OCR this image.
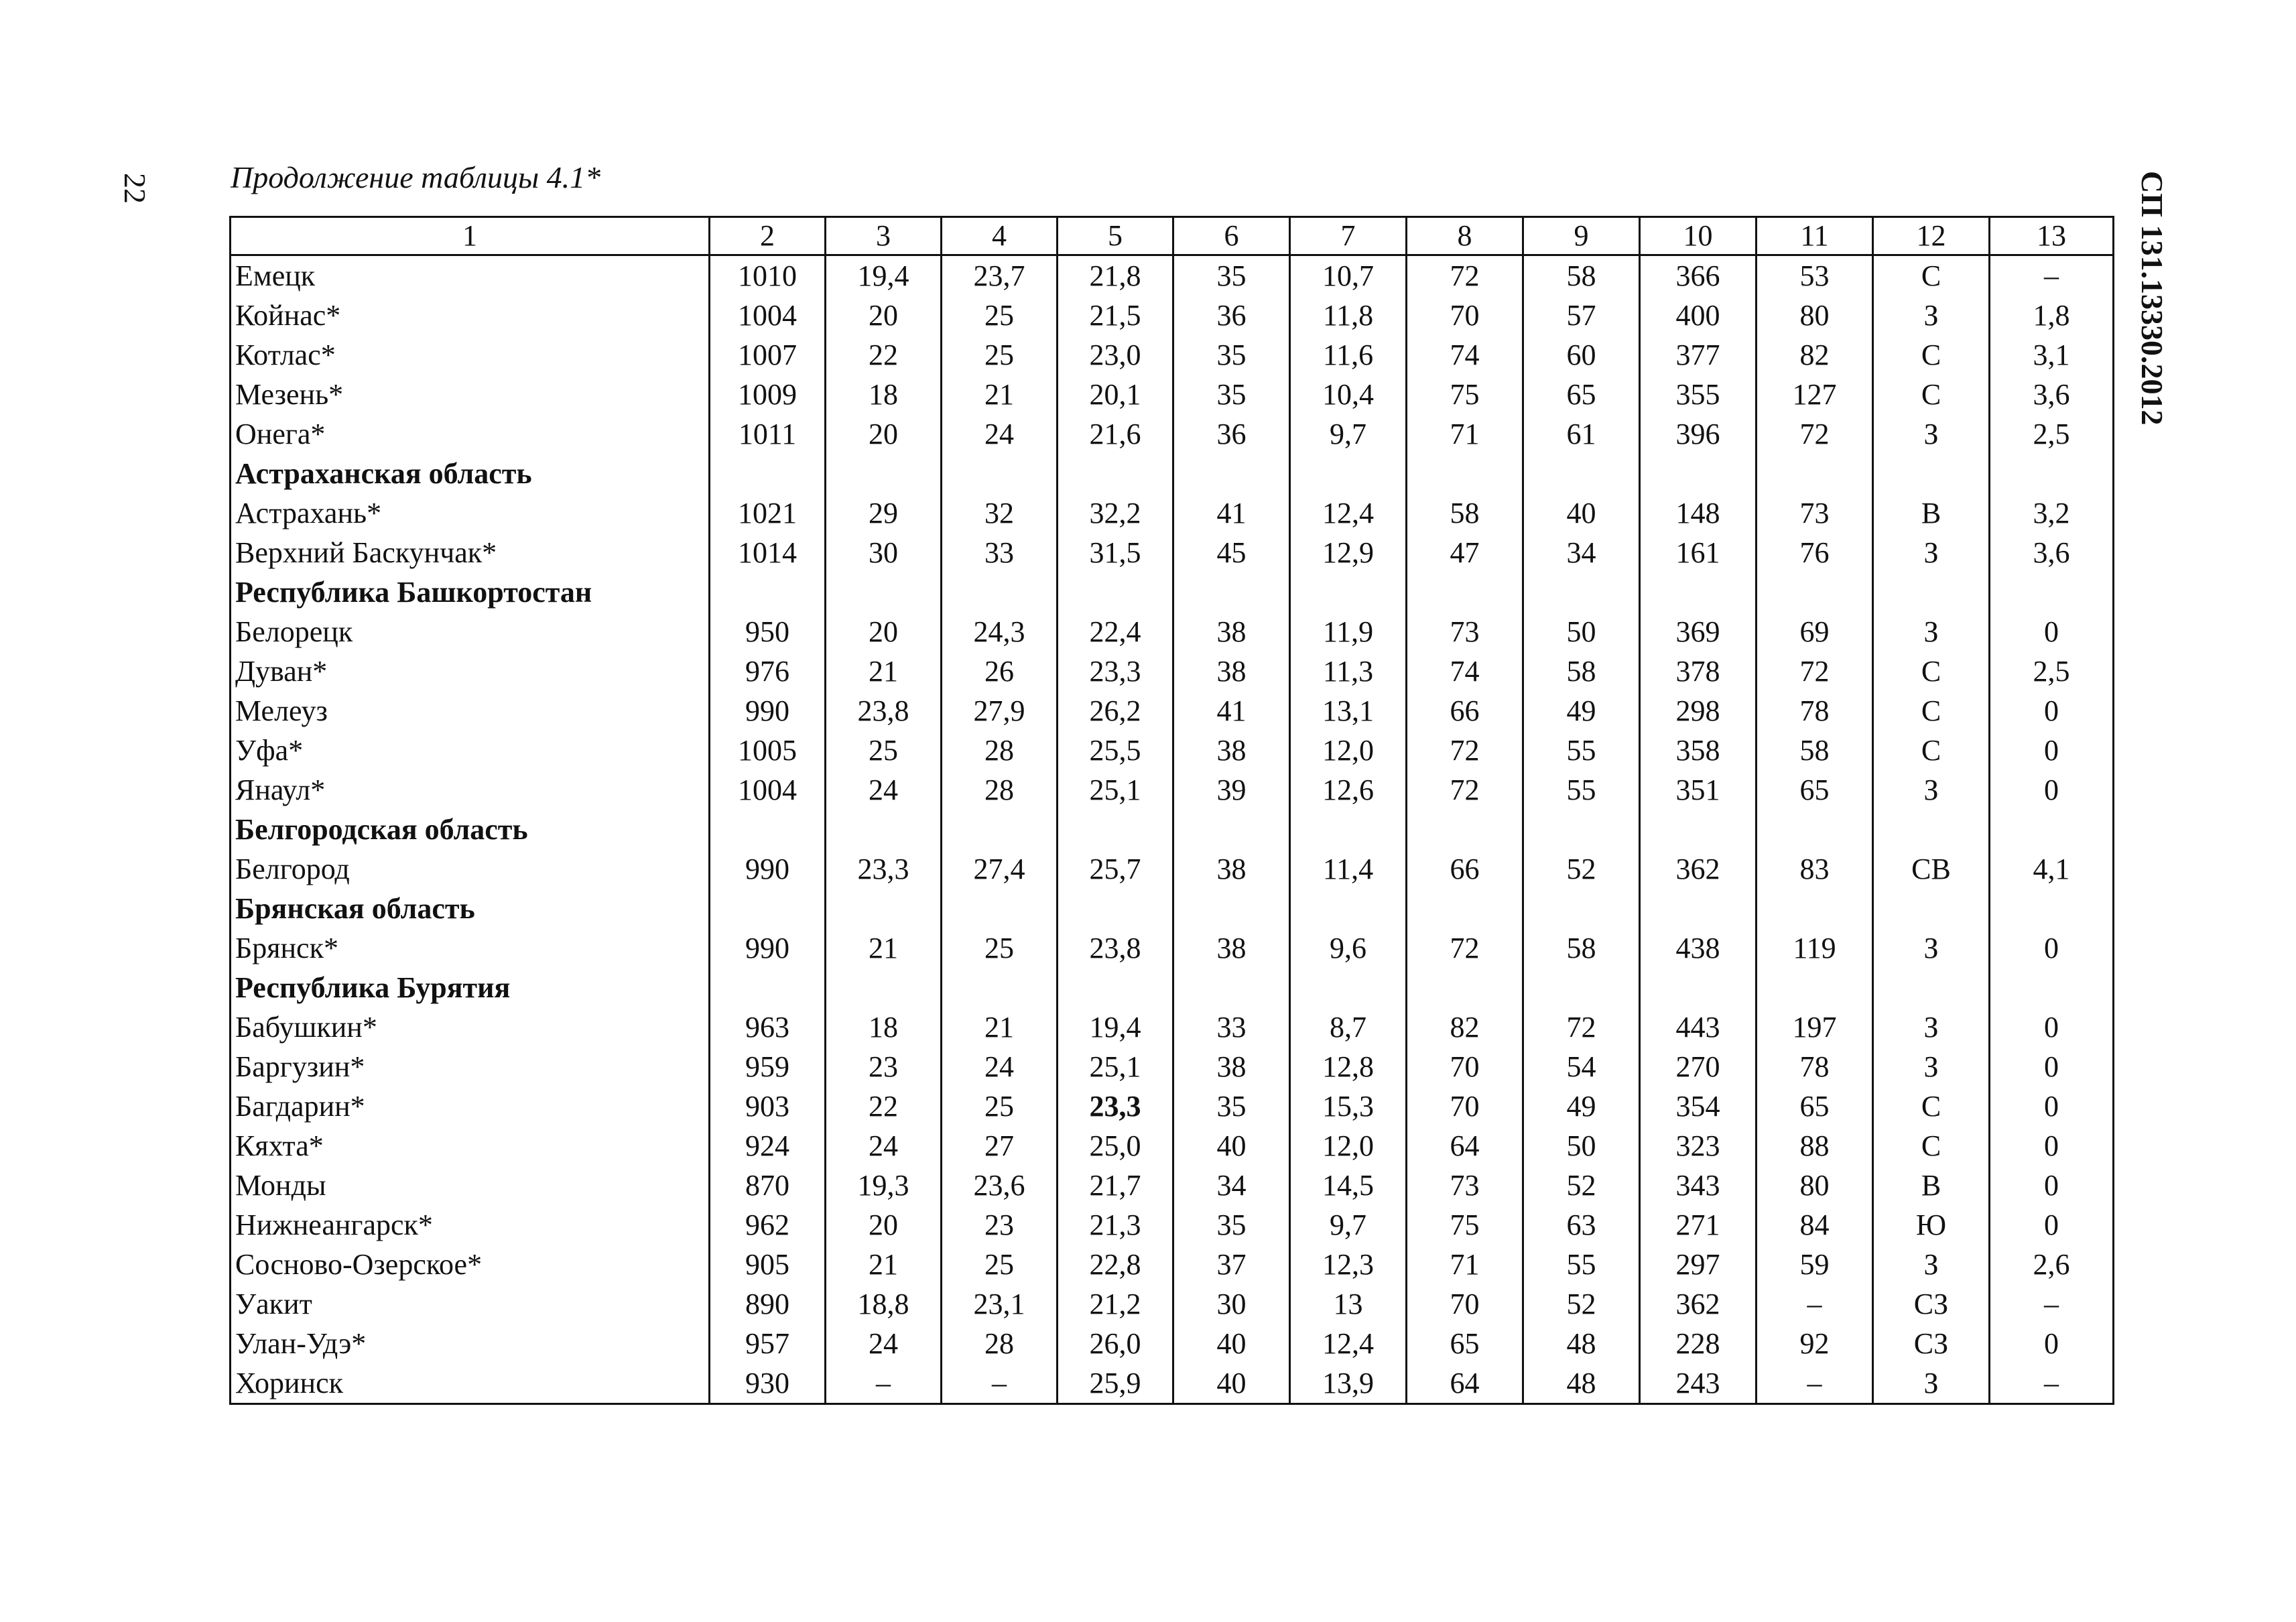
22	Продолжение таблицы 4.1*	СП 131.13330.2012
1	2	3	4	5	6	7	8	9	10	11	12	13
Емецк	1010	19,4	23,7	21,8	35	10,7	72	58	366	53	С	–
Койнас*	1004	20	25	21,5	36	11,8	70	57	400	80	З	1,8
Котлас*	1007	22	25	23,0	35	11,6	74	60	377	82	С	3,1
Мезень*	1009	18	21	20,1	35	10,4	75	65	355	127	С	3,6
Онега*	1011	20	24	21,6	36	9,7	71	61	396	72	З	2,5
Астраханская область												
Астрахань*	1021	29	32	32,2	41	12,4	58	40	148	73	В	3,2
Верхний Баскунчак*	1014	30	33	31,5	45	12,9	47	34	161	76	З	3,6
Республика Башкортостан												
Белорецк	950	20	24,3	22,4	38	11,9	73	50	369	69	З	0
Дуван*	976	21	26	23,3	38	11,3	74	58	378	72	С	2,5
Мелеуз	990	23,8	27,9	26,2	41	13,1	66	49	298	78	С	0
Уфа*	1005	25	28	25,5	38	12,0	72	55	358	58	С	0
Янаул*	1004	24	28	25,1	39	12,6	72	55	351	65	З	0
Белгородская область												
Белгород	990	23,3	27,4	25,7	38	11,4	66	52	362	83	СВ	4,1
Брянская область												
Брянск*	990	21	25	23,8	38	9,6	72	58	438	119	З	0
Республика Бурятия												
Бабушкин*	963	18	21	19,4	33	8,7	82	72	443	197	З	0
Баргузин*	959	23	24	25,1	38	12,8	70	54	270	78	З	0
Багдарин*	903	22	25	23,3	35	15,3	70	49	354	65	С	0
Кяхта*	924	24	27	25,0	40	12,0	64	50	323	88	С	0
Монды	870	19,3	23,6	21,7	34	14,5	73	52	343	80	В	0
Нижнеангарск*	962	20	23	21,3	35	9,7	75	63	271	84	Ю	0
Сосново-Озерское*	905	21	25	22,8	37	12,3	71	55	297	59	З	2,6
Уакит	890	18,8	23,1	21,2	30	13	70	52	362	–	СЗ	–
Улан-Удэ*	957	24	28	26,0	40	12,4	65	48	228	92	СЗ	0
Хоринск	930	–	–	25,9	40	13,9	64	48	243	–	З	–
